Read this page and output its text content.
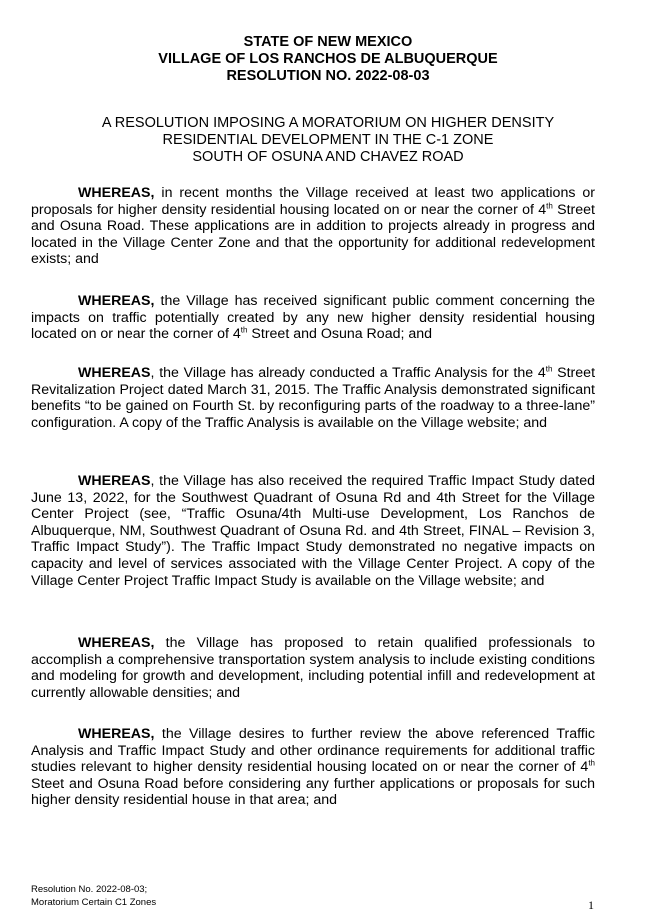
STATE OF NEW MEXICO
VILLAGE OF LOS RANCHOS DE ALBUQUERQUE
RESOLUTION NO. 2022-08-03
A RESOLUTION IMPOSING A MORATORIUM ON HIGHER DENSITY
RESIDENTIAL DEVELOPMENT IN THE C-1 ZONE
SOUTH OF OSUNA AND CHAVEZ ROAD
WHEREAS, in recent months the Village received at least two applications or proposals for higher density residential housing located on or near the corner of 4th Street and Osuna Road. These applications are in addition to projects already in progress and located in the Village Center Zone and that the opportunity for additional redevelopment exists; and
WHEREAS, the Village has received significant public comment concerning the impacts on traffic potentially created by any new higher density residential housing located on or near the corner of 4th Street and Osuna Road; and
WHEREAS, the Village has already conducted a Traffic Analysis for the 4th Street Revitalization Project dated March 31, 2015. The Traffic Analysis demonstrated significant benefits “to be gained on Fourth St. by reconfiguring parts of the roadway to a three-lane” configuration. A copy of the Traffic Analysis is available on the Village website; and
WHEREAS, the Village has also received the required Traffic Impact Study dated June 13, 2022, for the Southwest Quadrant of Osuna Rd and 4th Street for the Village Center Project (see, “Traffic Osuna/4th Multi-use Development, Los Ranchos de Albuquerque, NM, Southwest Quadrant of Osuna Rd. and 4th Street, FINAL – Revision 3, Traffic Impact Study”). The Traffic Impact Study demonstrated no negative impacts on capacity and level of services associated with the Village Center Project. A copy of the Village Center Project Traffic Impact Study is available on the Village website; and
WHEREAS, the Village has proposed to retain qualified professionals to accomplish a comprehensive transportation system analysis to include existing conditions and modeling for growth and development, including potential infill and redevelopment at currently allowable densities; and
WHEREAS, the Village desires to further review the above referenced Traffic Analysis and Traffic Impact Study and other ordinance requirements for additional traffic studies relevant to higher density residential housing located on or near the corner of 4th Steet and Osuna Road before considering any further applications or proposals for such higher density residential house in that area; and
Resolution No. 2022-08-03;
Moratorium Certain C1 Zones	1
